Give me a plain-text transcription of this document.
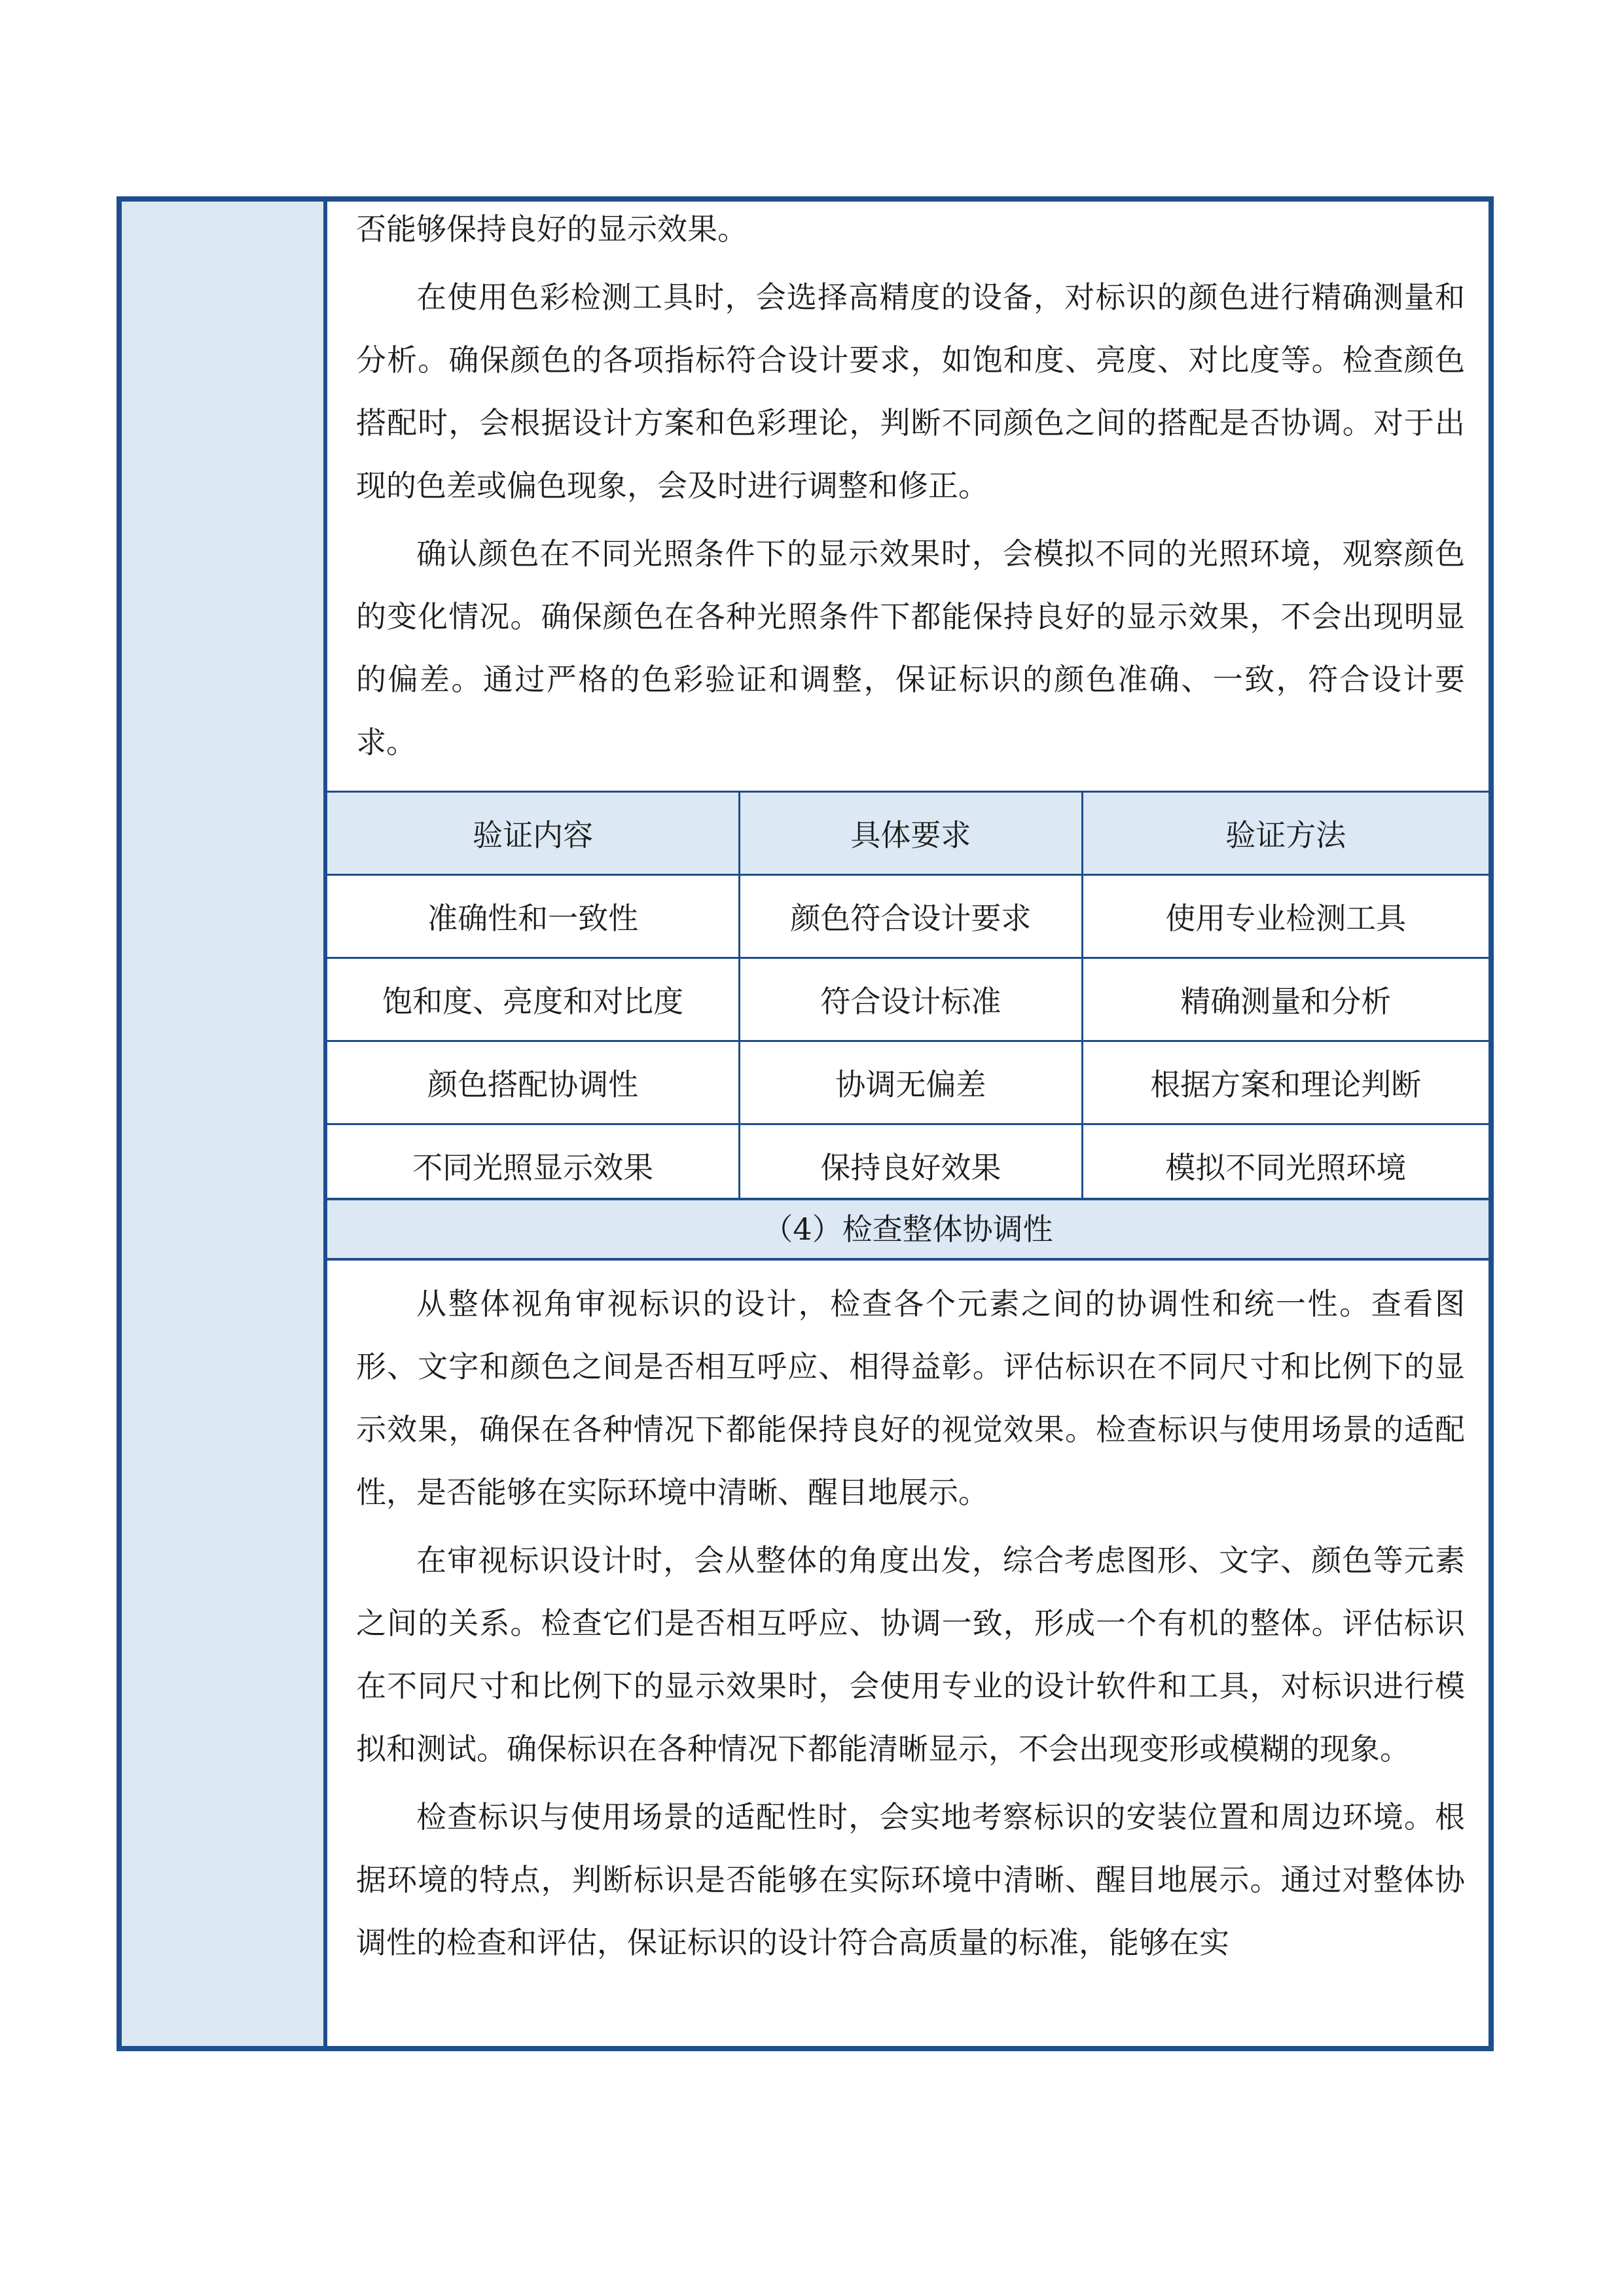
否能够保持良好的显示效果。

在使用色彩检测工具时，会选择高精度的设备，对标识的颜色进行精确测量和分析。确保颜色的各项指标符合设计要求，如饱和度、亮度、对比度等。检查颜色搭配时，会根据设计方案和色彩理论，判断不同颜色之间的搭配是否协调。对于出现的色差或偏色现象，会及时进行调整和修正。

确认颜色在不同光照条件下的显示效果时，会模拟不同的光照环境，观察颜色的变化情况。确保颜色在各种光照条件下都能保持良好的显示效果，不会出现明显的偏差。通过严格的色彩验证和调整，保证标识的颜色准确、一致，符合设计要求。

验证内容	具体要求	验证方法
准确性和一致性	颜色符合设计要求	使用专业检测工具
饱和度、亮度和对比度	符合设计标准	精确测量和分析
颜色搭配协调性	协调无偏差	根据方案和理论判断
不同光照显示效果	保持良好效果	模拟不同光照环境
（4）检查整体协调性

从整体视角审视标识的设计，检查各个元素之间的协调性和统一性。查看图形、文字和颜色之间是否相互呼应、相得益彰。评估标识在不同尺寸和比例下的显示效果，确保在各种情况下都能保持良好的视觉效果。检查标识与使用场景的适配性，是否能够在实际环境中清晰、醒目地展示。

在审视标识设计时，会从整体的角度出发，综合考虑图形、文字、颜色等元素之间的关系。检查它们是否相互呼应、协调一致，形成一个有机的整体。评估标识在不同尺寸和比例下的显示效果时，会使用专业的设计软件和工具，对标识进行模拟和测试。确保标识在各种情况下都能清晰显示，不会出现变形或模糊的现象。

检查标识与使用场景的适配性时，会实地考察标识的安装位置和周边环境。根据环境的特点，判断标识是否能够在实际环境中清晰、醒目地展示。通过对整体协调性的检查和评估，保证标识的设计符合高质量的标准，能够在实
